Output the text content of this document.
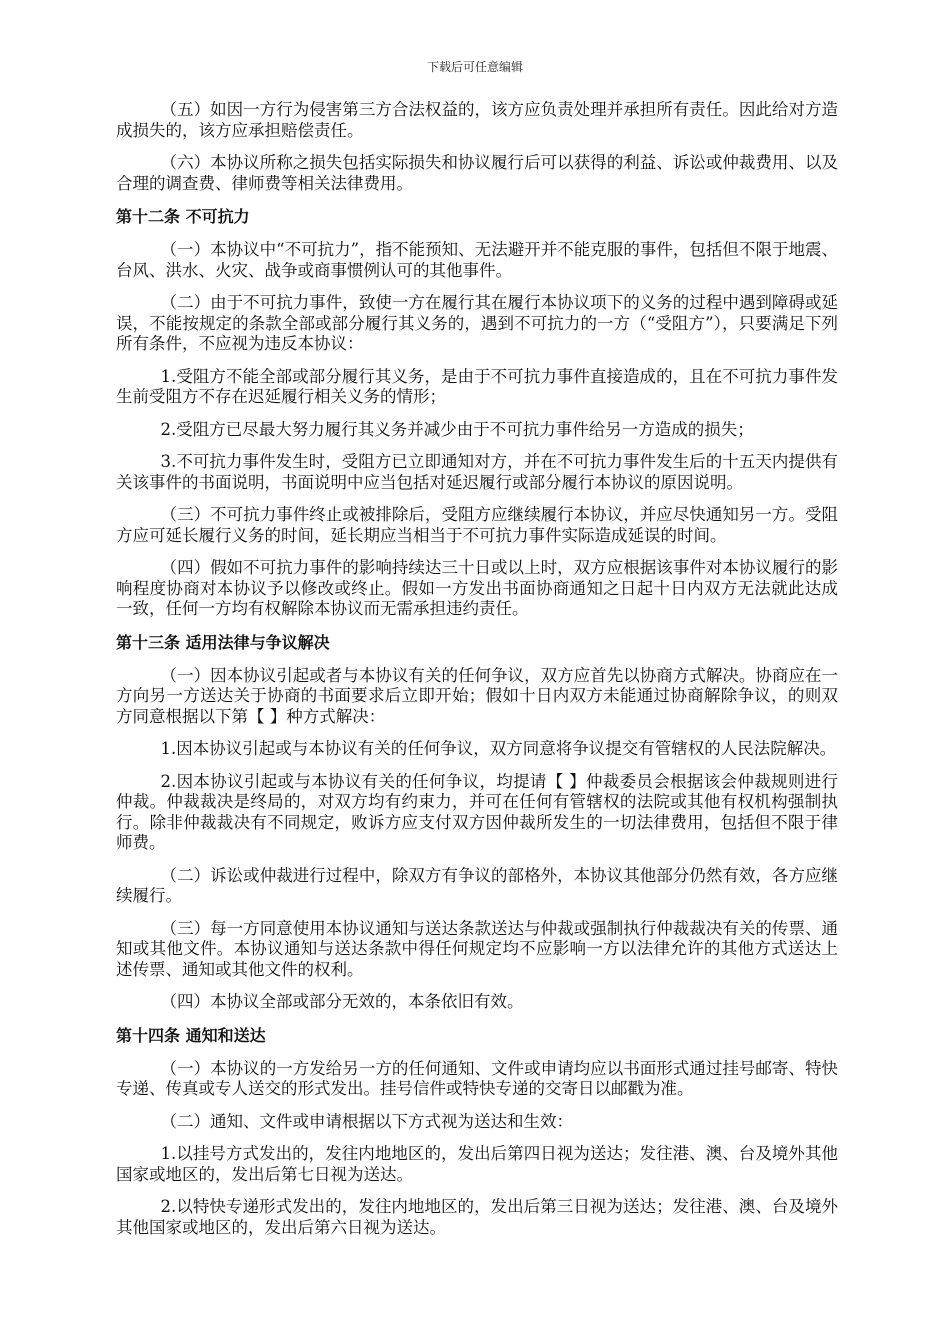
下载后可任意编辑

（五）如因一方行为侵害第三方合法权益的，该方应负责处理并承担所有责任。因此给对方造成损失的，该方应承担赔偿责任。

（六）本协议所称之损失包括实际损失和协议履行后可以获得的利益、诉讼或仲裁费用、以及合理的调查费、律师费等相关法律费用。

第十二条 不可抗力

（一）本协议中“不可抗力”，指不能预知、无法避开并不能克服的事件，包括但不限于地震、台风、洪水、火灾、战争或商事惯例认可的其他事件。

（二）由于不可抗力事件，致使一方在履行其在履行本协议项下的义务的过程中遇到障碍或延误，不能按规定的条款全部或部分履行其义务的，遇到不可抗力的一方（“受阻方”），只要满足下列所有条件，不应视为违反本协议：

1.受阻方不能全部或部分履行其义务，是由于不可抗力事件直接造成的，且在不可抗力事件发生前受阻方不存在迟延履行相关义务的情形；

2.受阻方已尽最大努力履行其义务并减少由于不可抗力事件给另一方造成的损失；

3.不可抗力事件发生时，受阻方已立即通知对方，并在不可抗力事件发生后的十五天内提供有关该事件的书面说明，书面说明中应当包括对延迟履行或部分履行本协议的原因说明。

（三）不可抗力事件终止或被排除后，受阻方应继续履行本协议，并应尽快通知另一方。受阻方应可延长履行义务的时间，延长期应当相当于不可抗力事件实际造成延误的时间。

（四）假如不可抗力事件的影响持续达三十日或以上时，双方应根据该事件对本协议履行的影响程度协商对本协议予以修改或终止。假如一方发出书面协商通知之日起十日内双方无法就此达成一致，任何一方均有权解除本协议而无需承担违约责任。

第十三条 适用法律与争议解决

（一）因本协议引起或者与本协议有关的任何争议，双方应首先以协商方式解决。协商应在一方向另一方送达关于协商的书面要求后立即开始；假如十日内双方未能通过协商解除争议，的则双方同意根据以下第【 】种方式解决：

1.因本协议引起或与本协议有关的任何争议，双方同意将争议提交有管辖权的人民法院解决。

2.因本协议引起或与本协议有关的任何争议，均提请【 】仲裁委员会根据该会仲裁规则进行仲裁。仲裁裁决是终局的，对双方均有约束力，并可在任何有管辖权的法院或其他有权机构强制执行。除非仲裁裁决有不同规定，败诉方应支付双方因仲裁所发生的一切法律费用，包括但不限于律师费。

（二）诉讼或仲裁进行过程中，除双方有争议的部格外，本协议其他部分仍然有效，各方应继续履行。

（三）每一方同意使用本协议通知与送达条款送达与仲裁或强制执行仲裁裁决有关的传票、通知或其他文件。本协议通知与送达条款中得任何规定均不应影响一方以法律允许的其他方式送达上述传票、通知或其他文件的权利。

（四）本协议全部或部分无效的，本条依旧有效。

第十四条 通知和送达

（一）本协议的一方发给另一方的任何通知、文件或申请均应以书面形式通过挂号邮寄、特快专递、传真或专人送交的形式发出。挂号信件或特快专递的交寄日以邮戳为准。

（二）通知、文件或申请根据以下方式视为送达和生效：

1.以挂号方式发出的，发往内地地区的，发出后第四日视为送达；发往港、澳、台及境外其他国家或地区的，发出后第七日视为送达。

2.以特快专递形式发出的，发往内地地区的，发出后第三日视为送达；发往港、澳、台及境外其他国家或地区的，发出后第六日视为送达。
